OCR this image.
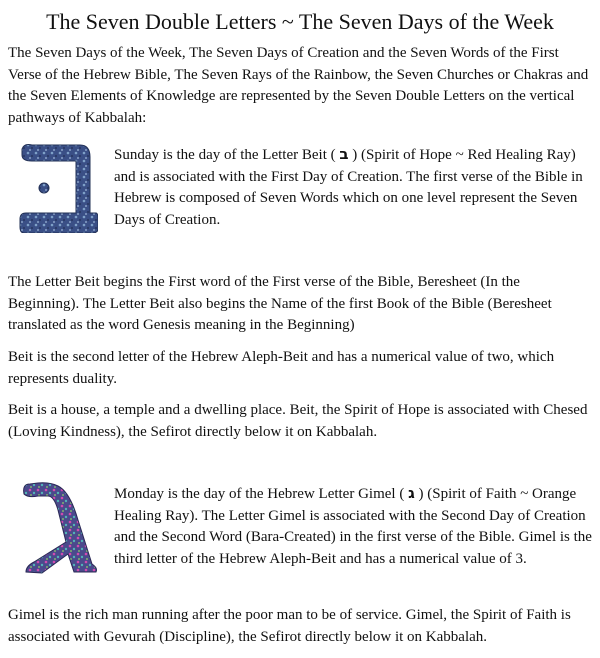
The Seven Double Letters ~ The Seven Days of the Week

The Seven Days of the Week, The Seven Days of Creation and the Seven Words of the First Verse of the Hebrew Bible, The Seven Rays of the Rainbow, the Seven Churches or Chakras and the Seven Elements of Knowledge are represented by the Seven Double Letters on the vertical pathways of Kabbalah:

Sunday is the day of the Letter Beit ( ב ) (Spirit of Hope ~ Red Healing Ray) and is associated with the First Day of Creation. The first verse of the Bible in Hebrew is composed of Seven Words which on one level represent the Seven Days of Creation.

The Letter Beit begins the First word of the First verse of the Bible, Beresheet (In the Beginning). The Letter Beit also begins the Name of the first Book of the Bible (Beresheet translated as the word Genesis meaning in the Beginning)

Beit is the second letter of the Hebrew Aleph-Beit and has a numerical value of two, which represents duality.

Beit is a house, a temple and a dwelling place. Beit, the Spirit of Hope is associated with Chesed (Loving Kindness), the Sefirot directly below it on Kabbalah.

Monday is the day of the Hebrew Letter Gimel ( ג ) (Spirit of Faith ~ Orange Healing Ray). The Letter Gimel is associated with the Second Day of Creation and the Second Word (Bara-Created) in the first verse of the Bible. Gimel is the third letter of the Hebrew Aleph-Beit and has a numerical value of 3.

Gimel is the rich man running after the poor man to be of service. Gimel, the Spirit of Faith is associated with Gevurah (Discipline), the Sefirot directly below it on Kabbalah.
